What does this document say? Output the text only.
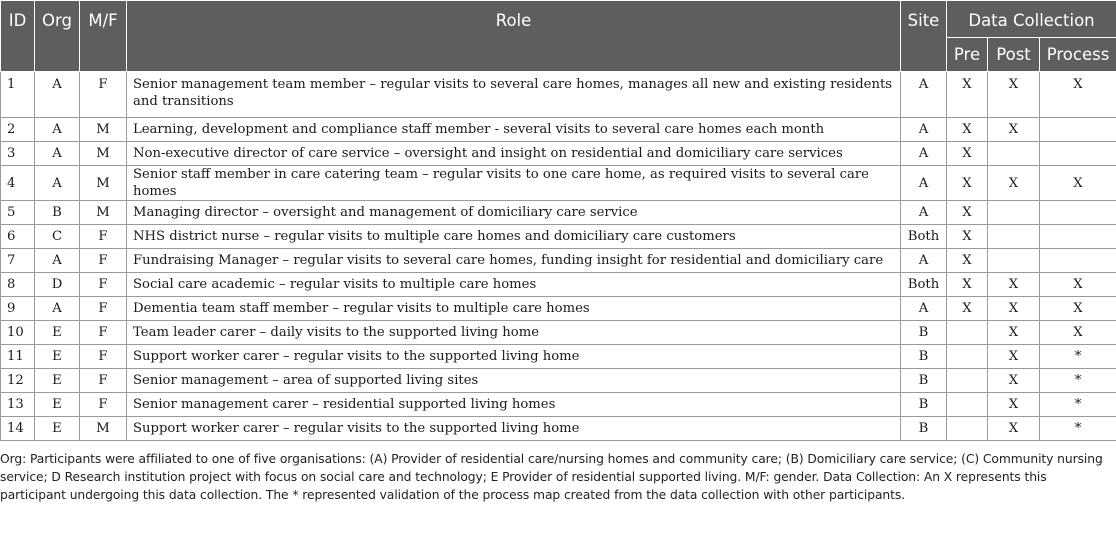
ID	Org	M/F	Role	Site	Data Collection		
					Pre	Post	Process
1	A	F	Senior management team member – regular visits to several care homes, manages all new and existing residents and transitions	A	X	X	X
2	A	M	Learning, development and compliance staff member - several visits to several care homes each month	A	X	X	
3	A	M	Non-executive director of care service – oversight and insight on residential and domiciliary care services	A	X		
4	A	M	Senior staff member in care catering team – regular visits to one care home, as required visits to several care homes	A	X	X	X
5	B	M	Managing director – oversight and management of domiciliary care service	A	X		
6	C	F	NHS district nurse – regular visits to multiple care homes and domiciliary care customers	Both	X		
7	A	F	Fundraising Manager – regular visits to several care homes, funding insight for residential and domiciliary care	A	X		
8	D	F	Social care academic – regular visits to multiple care homes	Both	X	X	X
9	A	F	Dementia team staff member – regular visits to multiple care homes	A	X	X	X
10	E	F	Team leader carer – daily visits to the supported living home	B		X	X
11	E	F	Support worker carer – regular visits to the supported living home	B		X	*
12	E	F	Senior management – area of supported living sites	B		X	*
13	E	F	Senior management carer – residential supported living homes	B		X	*
14	E	M	Support worker carer – regular visits to the supported living home	B		X	*
Org: Participants were affiliated to one of five organisations: (A) Provider of residential care/nursing homes and community care; (B) Domiciliary care service; (C) Community nursing service; D Research institution project with focus on social care and technology; E Provider of residential supported living. M/F: gender. Data Collection: An X represents this participant undergoing this data collection. The * represented validation of the process map created from the data collection with other participants.
